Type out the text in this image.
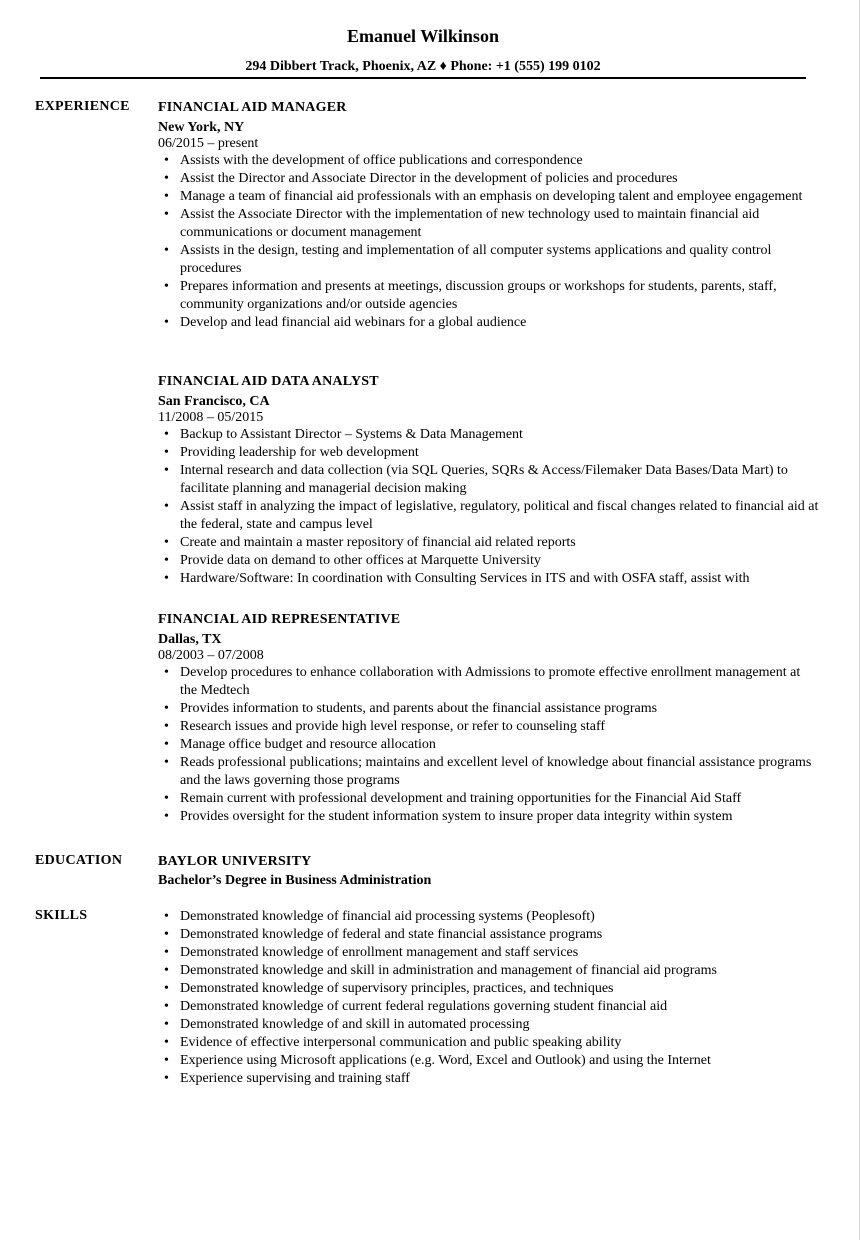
Emanuel Wilkinson
294 Dibbert Track, Phoenix, AZ ♦ Phone: +1 (555) 199 0102
EXPERIENCE FINANCIAL AID MANAGER
New York, NY
06/2015 – present
• Assists with the development of office publications and correspondence
• Assist the Director and Associate Director in the development of policies and procedures
• Manage a team of financial aid professionals with an emphasis on developing talent and employee engagement
• Assist the Associate Director with the implementation of new technology used to maintain financial aid communications or document management
• Assists in the design, testing and implementation of all computer systems applications and quality control procedures
• Prepares information and presents at meetings, discussion groups or workshops for students, parents, staff, community organizations and/or outside agencies
• Develop and lead financial aid webinars for a global audience
FINANCIAL AID DATA ANALYST
San Francisco, CA
11/2008 – 05/2015
• Backup to Assistant Director – Systems & Data Management
• Providing leadership for web development
• Internal research and data collection (via SQL Queries, SQRs & Access/Filemaker Data Bases/Data Mart) to facilitate planning and managerial decision making
• Assist staff in analyzing the impact of legislative, regulatory, political and fiscal changes related to financial aid at the federal, state and campus level
• Create and maintain a master repository of financial aid related reports
• Provide data on demand to other offices at Marquette University
• Hardware/Software: In coordination with Consulting Services in ITS and with OSFA staff, assist with
FINANCIAL AID REPRESENTATIVE
Dallas, TX
08/2003 – 07/2008
• Develop procedures to enhance collaboration with Admissions to promote effective enrollment management at the Medtech
• Provides information to students, and parents about the financial assistance programs
• Research issues and provide high level response, or refer to counseling staff
• Manage office budget and resource allocation
• Reads professional publications; maintains and excellent level of knowledge about financial assistance programs and the laws governing those programs
• Remain current with professional development and training opportunities for the Financial Aid Staff
• Provides oversight for the student information system to insure proper data integrity within system
EDUCATION	BAYLOR UNIVERSITY
Bachelor’s Degree in Business Administration
SKILLS	• Demonstrated knowledge of financial aid processing systems (Peoplesoft)
• Demonstrated knowledge of federal and state financial assistance programs
• Demonstrated knowledge of enrollment management and staff services
• Demonstrated knowledge and skill in administration and management of financial aid programs
• Demonstrated knowledge of supervisory principles, practices, and techniques
• Demonstrated knowledge of current federal regulations governing student financial aid
• Demonstrated knowledge of and skill in automated processing
• Evidence of effective interpersonal communication and public speaking ability
• Experience using Microsoft applications (e.g. Word, Excel and Outlook) and using the Internet
• Experience supervising and training staff
